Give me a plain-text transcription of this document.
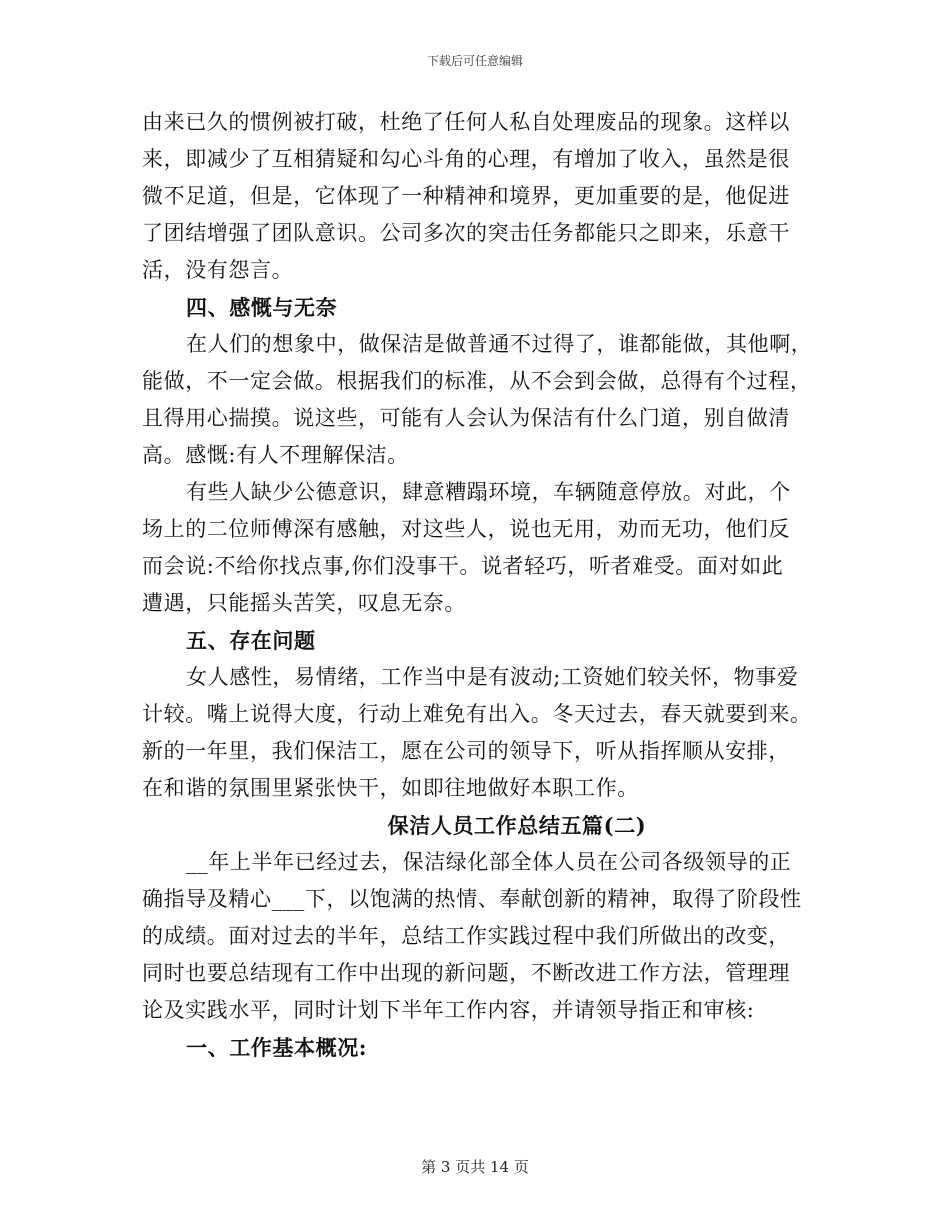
下载后可任意编辑
由来已久的惯例被打破，杜绝了任何人私自处理废品的现象。这样以
来，即减少了互相猜疑和勾心斗角的心理，有增加了收入，虽然是很
微不足道，但是，它体现了一种精神和境界，更加重要的是，他促进
了团结增强了团队意识。公司多次的突击任务都能只之即来，乐意干
活，没有怨言。
四、感慨与无奈
在人们的想象中，做保洁是做普通不过得了，谁都能做，其他啊，
能做，不一定会做。根据我们的标准，从不会到会做，总得有个过程，
且得用心揣摸。说这些，可能有人会认为保洁有什么门道，别自做清
高。感慨:有人不理解保洁。
有些人缺少公德意识，肆意糟蹋环境，车辆随意停放。对此，个
场上的二位师傅深有感触，对这些人，说也无用，劝而无功，他们反
而会说:不给你找点事,你们没事干。说者轻巧，听者难受。面对如此
遭遇，只能摇头苦笑，叹息无奈。
五、存在问题
女人感性，易情绪，工作当中是有波动;工资她们较关怀，物事爱
计较。嘴上说得大度，行动上难免有出入。冬天过去，春天就要到来。
新的一年里，我们保洁工，愿在公司的领导下，听从指挥顺从安排，
在和谐的氛围里紧张快干，如即往地做好本职工作。
保洁人员工作总结五篇(二)
__年上半年已经过去，保洁绿化部全体人员在公司各级领导的正
确指导及精心___下，以饱满的热情、奉献创新的精神，取得了阶段性
的成绩。面对过去的半年，总结工作实践过程中我们所做出的改变，
同时也要总结现有工作中出现的新问题，不断改进工作方法，管理理
论及实践水平，同时计划下半年工作内容，并请领导指正和审核:
一、工作基本概况:
第 3 页共 14 页
